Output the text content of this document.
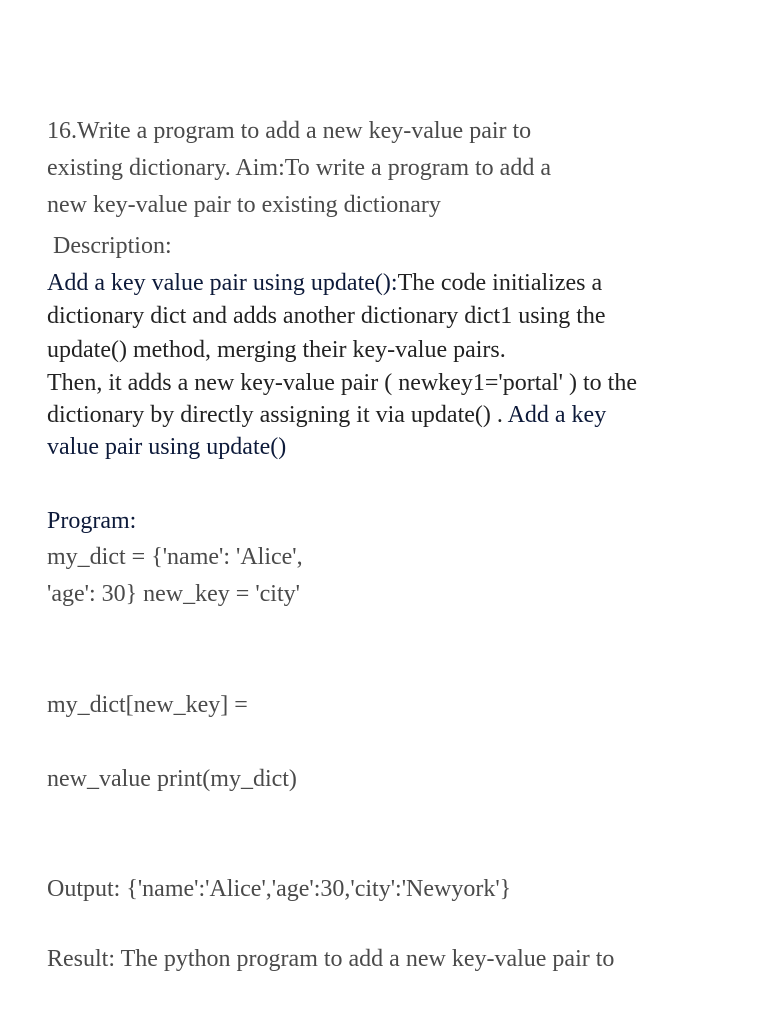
16.Write a program to add a new key-value pair to
existing dictionary. Aim:To write a program to add a
new key-value pair to existing dictionary
Description:
Add a key value pair using update():The code initializes a
dictionary dict and adds another dictionary dict1 using the
update() method, merging their key-value pairs.
Then, it adds a new key-value pair ( newkey1='portal' ) to the
dictionary by directly assigning it via update() . Add a key
value pair using update()
Program:
my_dict = {'name': 'Alice',
'age': 30} new_key = 'city'
my_dict[new_key] =
new_value print(my_dict)
Output: {'name':'Alice','age':30,'city':'Newyork'}
Result: The python program to add a new key-value pair to
